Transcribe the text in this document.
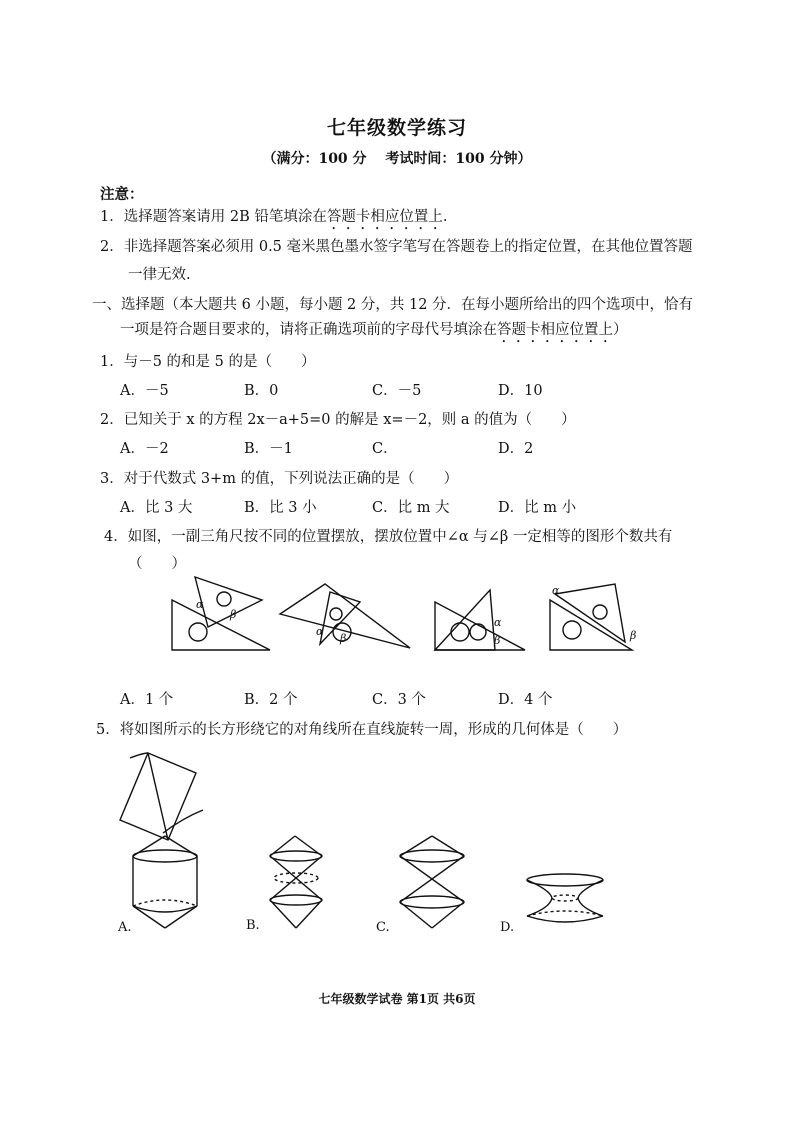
七年级数学练习
（满分：100 分　 考试时间：100 分钟）
注意：
1．选择题答案请用 2B 铅笔填涂在答题卡相应位置上.
2．非选择题答案必须用 0.5 毫米黑色墨水签字笔写在答题卷上的指定位置，在其他位置答题
一律无效.
一、选择题（本大题共 6 小题，每小题 2 分，共 12 分．在每小题所给出的四个选项中，恰有
一项是符合题目要求的，请将正确选项前的字母代号填涂在答题卡相应位置上）
1．与－5 的和是 5 的是（　　）
A．－5	B．0	C．－5	D．10
2．已知关于 x 的方程 2x－a+5=0 的解是 x=－2，则 a 的值为（　　）
A．－2	B．－1	C．	D．2
3．对于代数式 3+m 的值，下列说法正确的是（　　）
A．比 3 大	B．比 3 小	C．比 m 大	D．比 m 小
4．如图，一副三角尺按不同的位置摆放，摆放位置中∠α 与∠β 一定相等的图形个数共有
（　　）
α
β
α
β
α
β
α
β
A．1 个	B．2 个	C．3 个	D．4 个
5．将如图所示的长方形绕它的对角线所在直线旋转一周，形成的几何体是（　　）
A.	B.	C.	D.
七年级数学试卷 第1页 共6页
